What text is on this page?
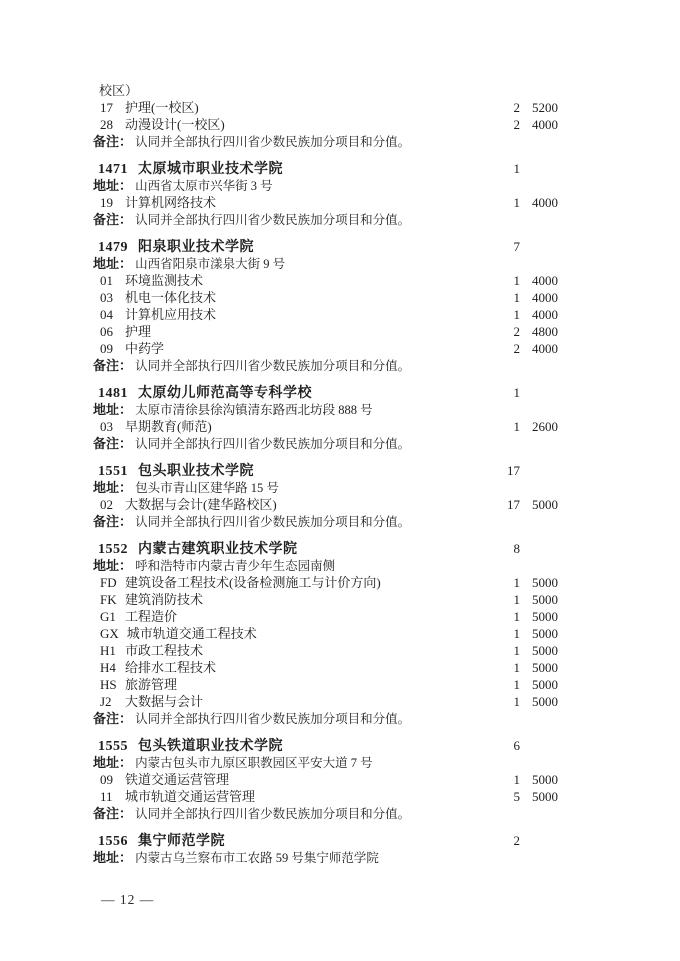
校区）
17 护理(一校区)	2 5200
28 动漫设计(一校区)	2 4000
备注： 认同并全部执行四川省少数民族加分项目和分值。
1471 太原城市职业技术学院	1
地址： 山西省太原市兴华街 3 号
19 计算机网络技术	1 4000
备注： 认同并全部执行四川省少数民族加分项目和分值。
1479 阳泉职业技术学院	7
地址： 山西省阳泉市漾泉大街 9 号
01 环境监测技术	1 4000
03 机电一体化技术	1 4000
04 计算机应用技术	1 4000
06 护理	2 4800
09 中药学	2 4000
备注： 认同并全部执行四川省少数民族加分项目和分值。
1481 太原幼儿师范高等专科学校	1
地址： 太原市清徐县徐沟镇清东路西北坊段 888 号
03 早期教育(师范)	1 2600
备注： 认同并全部执行四川省少数民族加分项目和分值。
1551 包头职业技术学院	17
地址： 包头市青山区建华路 15 号
02 大数据与会计(建华路校区)	17 5000
备注： 认同并全部执行四川省少数民族加分项目和分值。
1552 内蒙古建筑职业技术学院	8
地址： 呼和浩特市内蒙古青少年生态园南侧
FD 建筑设备工程技术(设备检测施工与计价方向)	1 5000
FK 建筑消防技术	1 5000
G1 工程造价	1 5000
GX 城市轨道交通工程技术	1 5000
H1 市政工程技术	1 5000
H4 给排水工程技术	1 5000
HS 旅游管理	1 5000
J2 大数据与会计	1 5000
备注： 认同并全部执行四川省少数民族加分项目和分值。
1555 包头铁道职业技术学院	6
地址： 内蒙古包头市九原区职教园区平安大道 7 号
09 铁道交通运营管理	1 5000
11 城市轨道交通运营管理	5 5000
备注： 认同并全部执行四川省少数民族加分项目和分值。
1556 集宁师范学院	2
地址： 内蒙古乌兰察布市工农路 59 号集宁师范学院
— 12 —
